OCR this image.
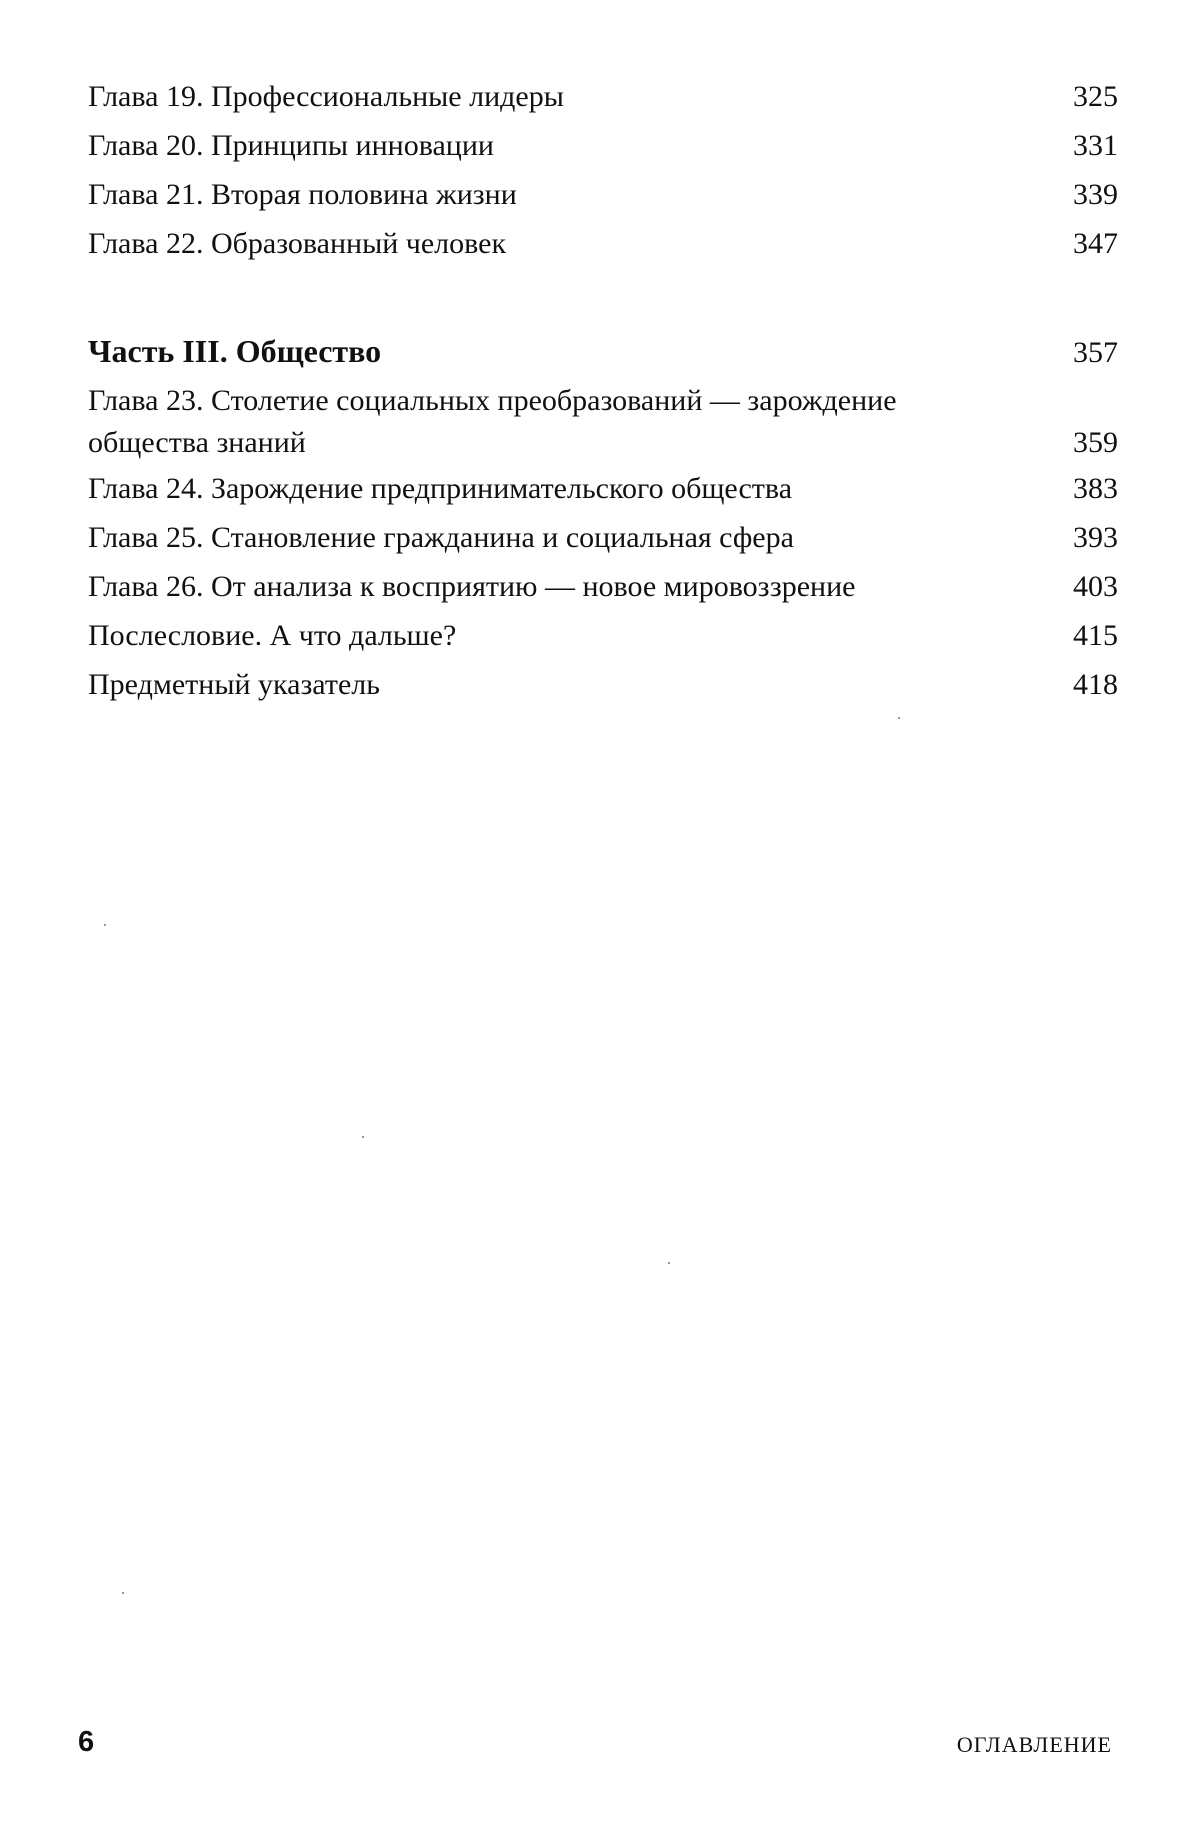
Глава 19. Профессиональные лидеры	325
Глава 20. Принципы инновации	331
Глава 21. Вторая половина жизни	339
Глава 22. Образованный человек	347
Часть III. Общество	357
Глава 23. Столетие социальных преобразований — зарождение общества знаний	359
Глава 24. Зарождение предпринимательского общества	383
Глава 25. Становление гражданина и социальная сфера	393
Глава 26. От анализа к восприятию — новое мировоззрение	403
Послесловие. А что дальше?	415
Предметный указатель	418
6	ОГЛАВЛЕНИЕ
